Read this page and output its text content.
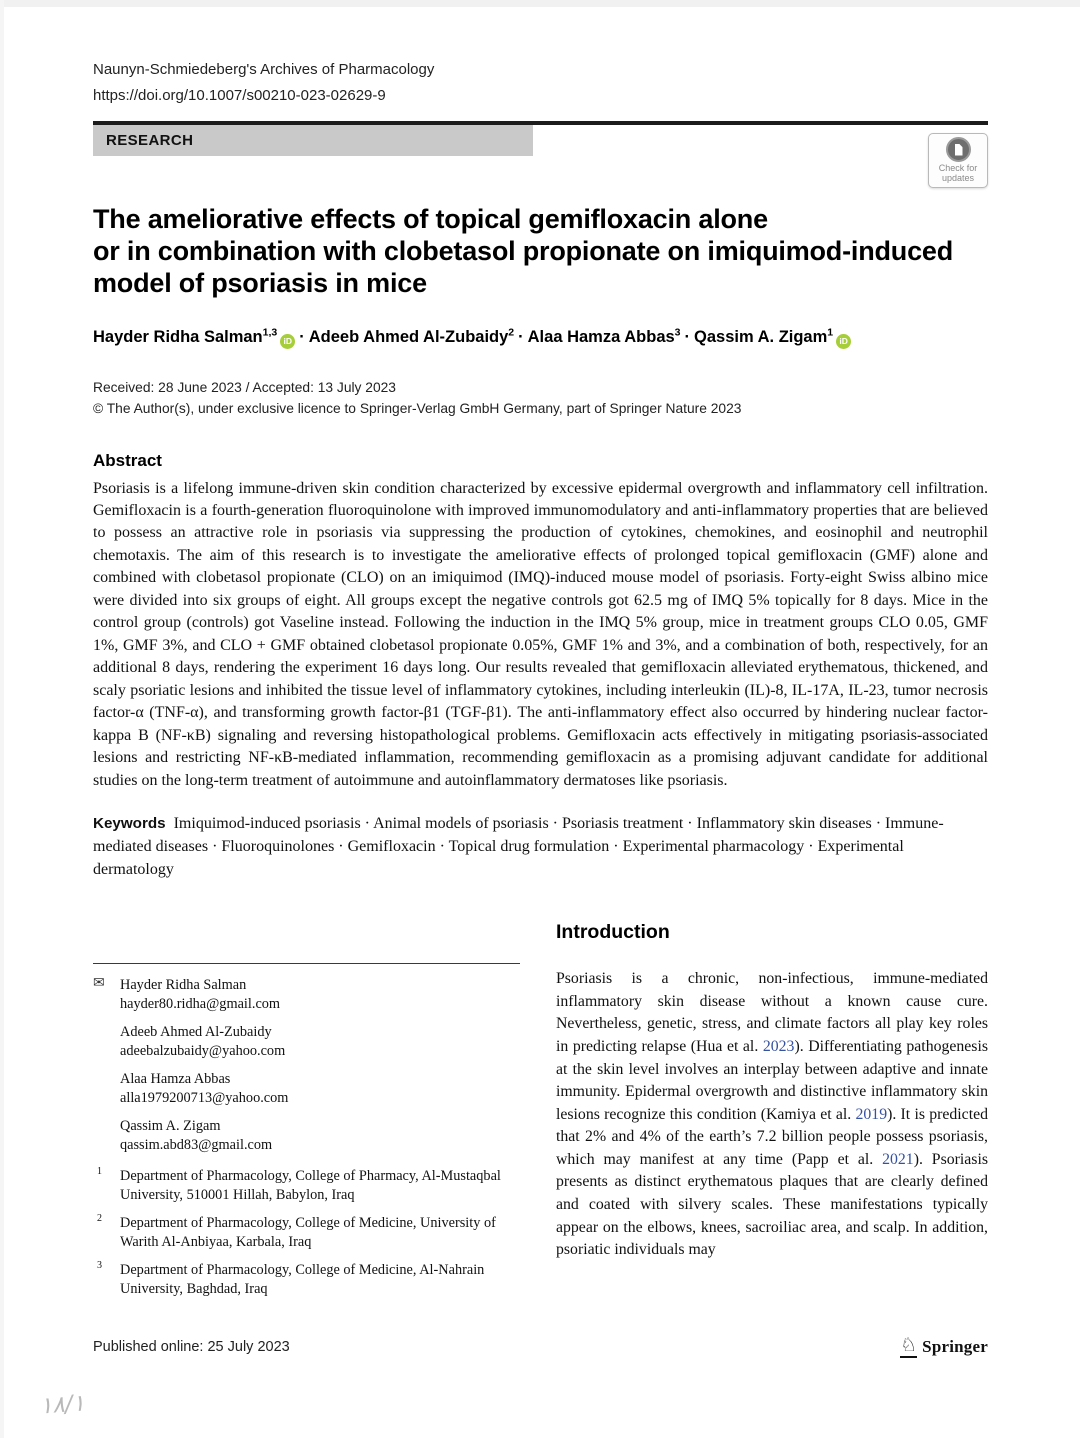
Naunyn-Schmiedeberg's Archives of Pharmacology
https://doi.org/10.1007/s00210-023-02629-9
RESEARCH
Check for
updates
The ameliorative effects of topical gemifloxacin alone
or in combination with clobetasol propionate on imiquimod-induced
model of psoriasis in mice
Hayder Ridha Salman$^{1,3}$iD · Adeeb Ahmed Al-Zubaidy$^2$ · Alaa Hamza Abbas$^3$ · Qassim A. Zigam$^1$iD
Received: 28 June 2023 / Accepted: 13 July 2023
© The Author(s), under exclusive licence to Springer-Verlag GmbH Germany, part of Springer Nature 2023
Abstract

Psoriasis is a lifelong immune-driven skin condition characterized by excessive epidermal overgrowth and inflammatory cell infiltration. Gemifloxacin is a fourth-generation fluoroquinolone with improved immunomodulatory and anti-inflammatory properties that are believed to possess an attractive role in psoriasis via suppressing the production of cytokines, chemokines, and eosinophil and neutrophil chemotaxis. The aim of this research is to investigate the ameliorative effects of prolonged topical gemifloxacin (GMF) alone and combined with clobetasol propionate (CLO) on an imiquimod (IMQ)-induced mouse model of psoriasis. Forty-eight Swiss albino mice were divided into six groups of eight. All groups except the negative controls got 62.5 mg of IMQ 5% topically for 8 days. Mice in the control group (controls) got Vaseline instead. Following the induction in the IMQ 5% group, mice in treatment groups CLO 0.05, GMF 1%, GMF 3%, and CLO + GMF obtained clobetasol propionate 0.05%, GMF 1% and 3%, and a combination of both, respectively, for an additional 8 days, rendering the experiment 16 days long. Our results revealed that gemifloxacin alleviated erythematous, thickened, and scaly psoriatic lesions and inhibited the tissue level of inflammatory cytokines, including interleukin (IL)-8, IL-17A, IL-23, tumor necrosis factor-α (TNF-α), and transforming growth factor-β1 (TGF-β1). The anti-inflammatory effect also occurred by hindering nuclear factor-kappa B (NF-κB) signaling and reversing histopathological problems. Gemifloxacin acts effectively in mitigating psoriasis-associated lesions and restricting NF-κB-mediated inflammation, recommending gemifloxacin as a promising adjuvant candidate for additional studies on the long-term treatment of autoimmune and autoinflammatory dermatoses like psoriasis.

Keywords Imiquimod-induced psoriasis · Animal models of psoriasis · Psoriasis treatment · Inflammatory skin diseases · Immune-mediated diseases · Fluoroquinolones · Gemifloxacin · Topical drug formulation · Experimental pharmacology · Experimental dermatology

✉ Hayder Ridha Salman
hayder80.ridha@gmail.com
Adeeb Ahmed Al-Zubaidy
adeebalzubaidy@yahoo.com
Alaa Hamza Abbas
alla1979200713@yahoo.com
Qassim A. Zigam
qassim.abd83@gmail.com
1 Department of Pharmacology, College of Pharmacy, Al-Mustaqbal University, 510001 Hillah, Babylon, Iraq
2 Department of Pharmacology, College of Medicine, University of Warith Al-Anbiyaa, Karbala, Iraq
3 Department of Pharmacology, College of Medicine, Al-Nahrain University, Baghdad, Iraq
Introduction

Psoriasis is a chronic, non-infectious, immune-mediated inflammatory skin disease without a known cause cure. Nevertheless, genetic, stress, and climate factors all play key roles in predicting relapse (Hua et al. 2023). Differentiating pathogenesis at the skin level involves an interplay between adaptive and innate immunity. Epidermal overgrowth and distinctive inflammatory skin lesions recognize this condition (Kamiya et al. 2019). It is predicted that 2% and 4% of the earth’s 7.2 billion people possess psoriasis, which may manifest at any time (Papp et al. 2021). Psoriasis presents as distinct erythematous plaques that are clearly defined and coated with silvery scales. These manifestations typically appear on the elbows, knees, sacroiliac area, and scalp. In addition, psoriatic individuals may

Published online: 25 July 2023	♘ Springer
١٨/١
